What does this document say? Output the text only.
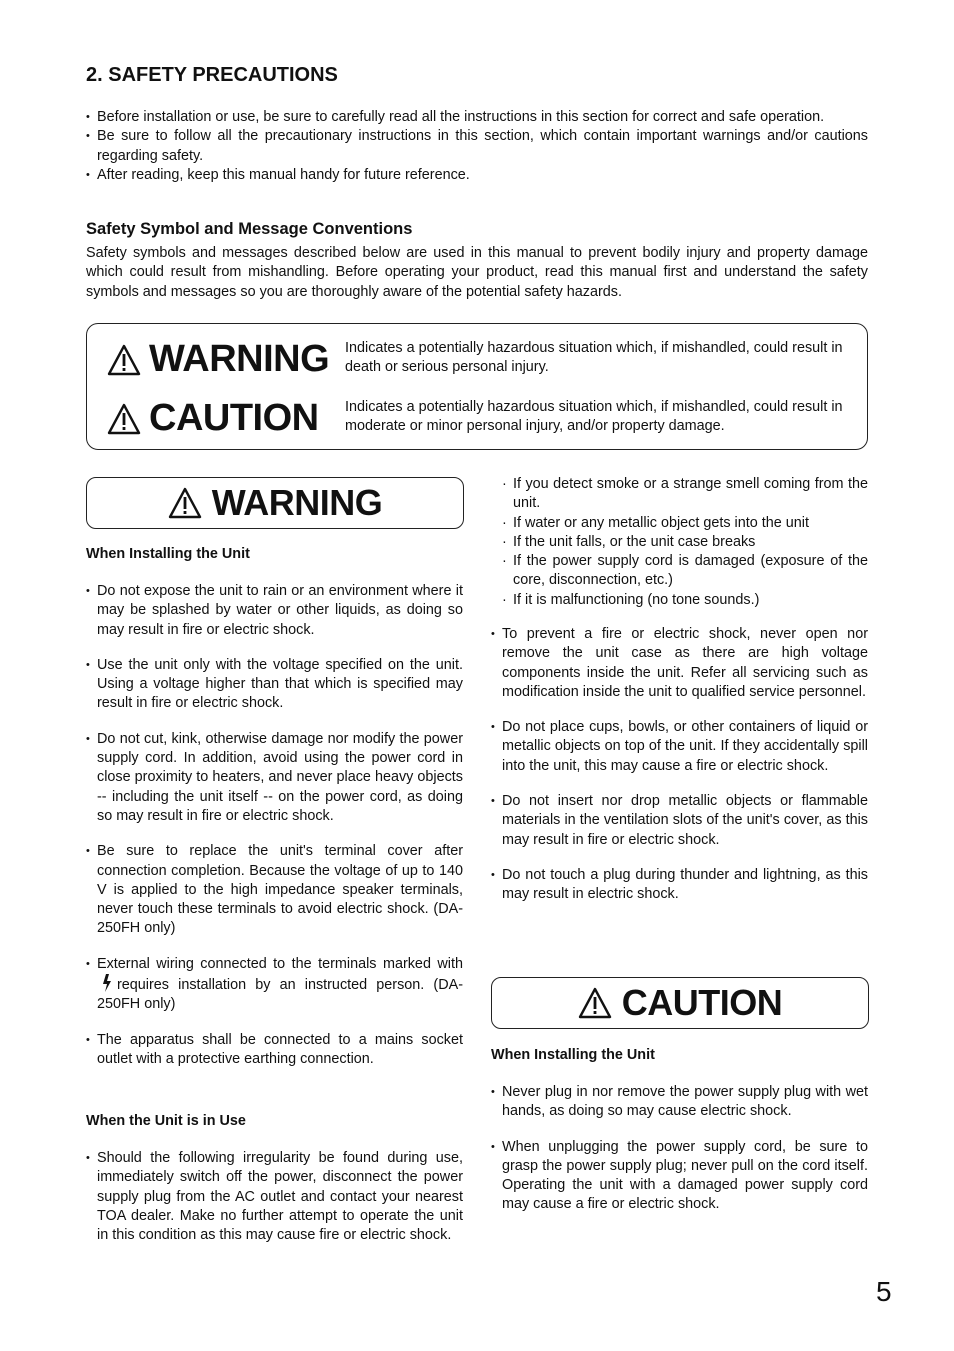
2. SAFETY PRECAUTIONS
• Before installation or use, be sure to carefully read all the instructions in this section for correct and safe operation.
• Be sure to follow all the precautionary instructions in this section, which contain important warnings and/or cautions regarding safety.
• After reading, keep this manual handy for future reference.
Safety Symbol and Message Conventions

Safety symbols and messages described below are used in this manual to prevent bodily injury and property damage which could result from mishandling. Before operating your product, read this manual first and understand the safety symbols and messages so you are thoroughly aware of the potential safety hazards.

WARNING Indicates a potentially hazardous situation which, if mishandled, could result in death or serious personal injury.

CAUTION Indicates a potentially hazardous situation which, if mishandled, could result in moderate or minor personal injury, and/or property damage.

WARNING
When Installing the Unit
• Do not expose the unit to rain or an environment where it may be splashed by water or other liquids, as doing so may result in fire or electric shock.
• Use the unit only with the voltage specified on the unit. Using a voltage higher than that which is specified may result in fire or electric shock.
• Do not cut, kink, otherwise damage nor modify the power supply cord. In addition, avoid using the power cord in close proximity to heaters, and never place heavy objects -- including the unit itself -- on the power cord, as doing so may result in fire or electric shock.
• Be sure to replace the unit's terminal cover after connection completion. Because the voltage of up to 140 V is applied to the high impedance speaker terminals, never touch these terminals to avoid electric shock. (DA-250FH only)
• External wiring connected to the terminals marked withrequires installation by an instructed person. (DA-250FH only)
• The apparatus shall be connected to a mains socket outlet with a protective earthing connection.
When the Unit is in Use
• Should the following irregularity be found during use, immediately switch off the power, disconnect the power supply plug from the AC outlet and contact your nearest TOA dealer. Make no further attempt to operate the unit in this condition as this may cause fire or electric shock.
· If you detect smoke or a strange smell coming from the unit.
· If water or any metallic object gets into the unit
· If the unit falls, or the unit case breaks
· If the power supply cord is damaged (exposure of the core, disconnection, etc.)
· If it is malfunctioning (no tone sounds.)
• To prevent a fire or electric shock, never open nor remove the unit case as there are high voltage components inside the unit. Refer all servicing such as modification inside the unit to qualified service personnel.
• Do not place cups, bowls, or other containers of liquid or metallic objects on top of the unit. If they accidentally spill into the unit, this may cause a fire or electric shock.
• Do not insert nor drop metallic objects or flammable materials in the ventilation slots of the unit's cover, as this may result in fire or electric shock.
• Do not touch a plug during thunder and lightning, as this may result in electric shock.
CAUTION
When Installing the Unit
• Never plug in nor remove the power supply plug with wet hands, as doing so may cause electric shock.
• When unplugging the power supply cord, be sure to grasp the power supply plug; never pull on the cord itself. Operating the unit with a damaged power supply cord may cause a fire or electric shock.
5
